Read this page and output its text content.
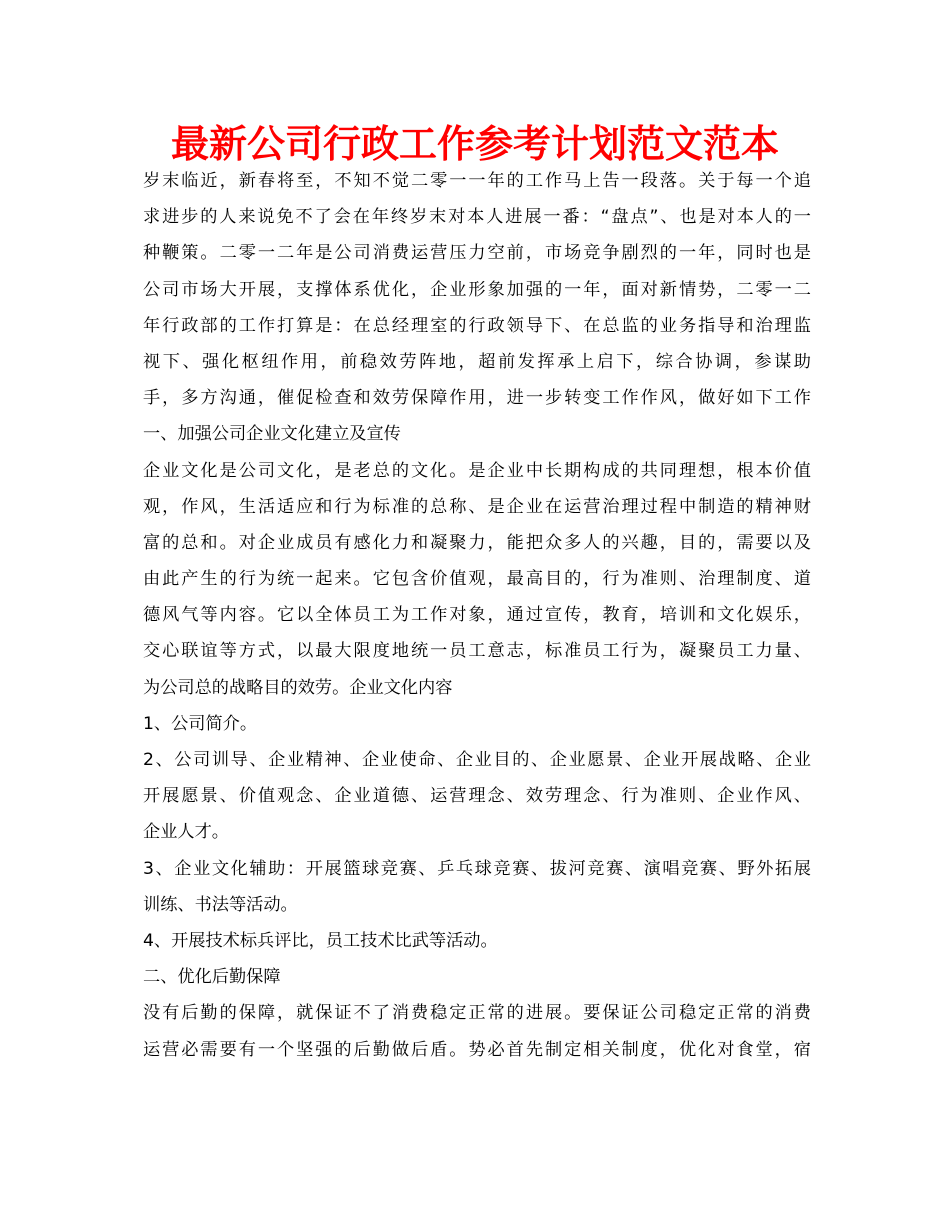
最新公司行政工作参考计划范文范本
岁末临近，新春将至，不知不觉二零一一年的工作马上告一段落。关于每一个追
求进步的人来说免不了会在年终岁末对本人进展一番：“盘点”、也是对本人的一
种鞭策。二零一二年是公司消费运营压力空前，市场竞争剧烈的一年，同时也是
公司市场大开展，支撑体系优化，企业形象加强的一年，面对新情势，二零一二
年行政部的工作打算是：在总经理室的行政领导下、在总监的业务指导和治理监
视下、强化枢纽作用，前稳效劳阵地，超前发挥承上启下，综合协调，参谋助
手，多方沟通，催促检查和效劳保障作用，进一步转变工作作风，做好如下工作
一、加强公司企业文化建立及宣传
企业文化是公司文化，是老总的文化。是企业中长期构成的共同理想，根本价值
观，作风，生活适应和行为标准的总称、是企业在运营治理过程中制造的精神财
富的总和。对企业成员有感化力和凝聚力，能把众多人的兴趣，目的，需要以及
由此产生的行为统一起来。它包含价值观，最高目的，行为准则、治理制度、道
德风气等内容。它以全体员工为工作对象，通过宣传，教育，培训和文化娱乐，
交心联谊等方式，以最大限度地统一员工意志，标准员工行为，凝聚员工力量、
为公司总的战略目的效劳。企业文化内容
1、公司简介。
2、公司训导、企业精神、企业使命、企业目的、企业愿景、企业开展战略、企业
开展愿景、价值观念、企业道德、运营理念、效劳理念、行为准则、企业作风、
企业人才。
3、企业文化辅助：开展篮球竞赛、乒乓球竞赛、拔河竞赛、演唱竞赛、野外拓展
训练、书法等活动。
4、开展技术标兵评比，员工技术比武等活动。
二、优化后勤保障
没有后勤的保障，就保证不了消费稳定正常的进展。要保证公司稳定正常的消费
运营必需要有一个坚强的后勤做后盾。势必首先制定相关制度，优化对食堂，宿
